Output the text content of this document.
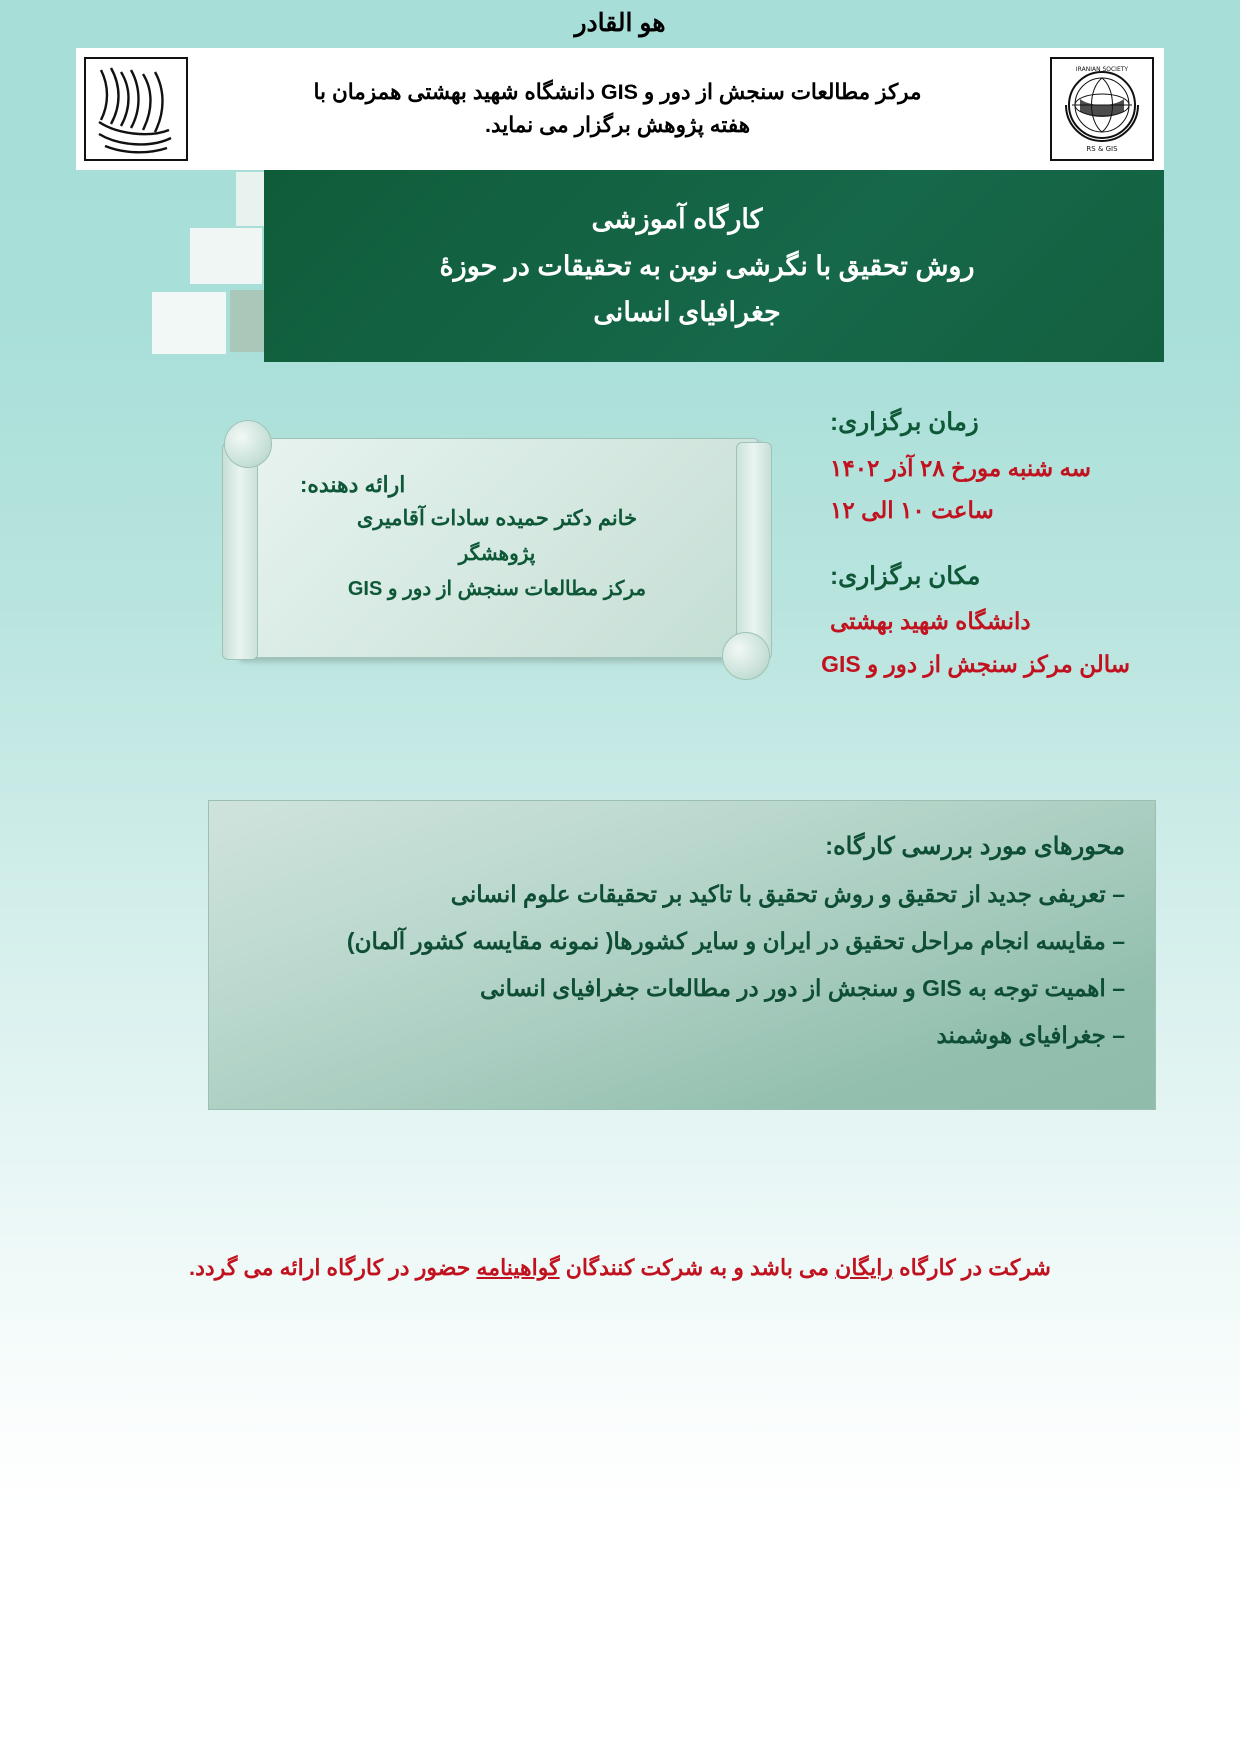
هو القادر
RS & GIS
IRANIAN SOCIETY
مرکز مطالعات سنجش از دور و GIS دانشگاه شهید بهشتی همزمان با
هفته پژوهش برگزار می نماید.
کارگاه آموزشی
روش تحقیق با نگرشی نوین به تحقیقات در حوزۀ
جغرافیای انسانی
زمان برگزاری:
سه شنبه مورخ ۲۸ آذر ۱۴۰۲
ساعت ۱۰ الی ۱۲
مکان برگزاری:
دانشگاه شهید بهشتی
سالن مرکز سنجش از دور و GIS
ارائه دهنده:
خانم دکتر حمیده سادات آقامیری
پژوهشگر
مرکز مطالعات سنجش از دور و GIS
محورهای مورد بررسی کارگاه:
– تعریفی جدید از تحقیق و روش تحقیق با تاکید بر تحقیقات علوم انسانی
– مقایسه انجام مراحل تحقیق در ایران و سایر کشورها( نمونه مقایسه کشور آلمان)
– اهمیت توجه به GIS و سنجش از دور در مطالعات جغرافیای انسانی
– جغرافیای هوشمند
شرکت در کارگاه رایگان می باشد و به شرکت کنندگان گواهینامه حضور در کارگاه ارائه می گردد.
